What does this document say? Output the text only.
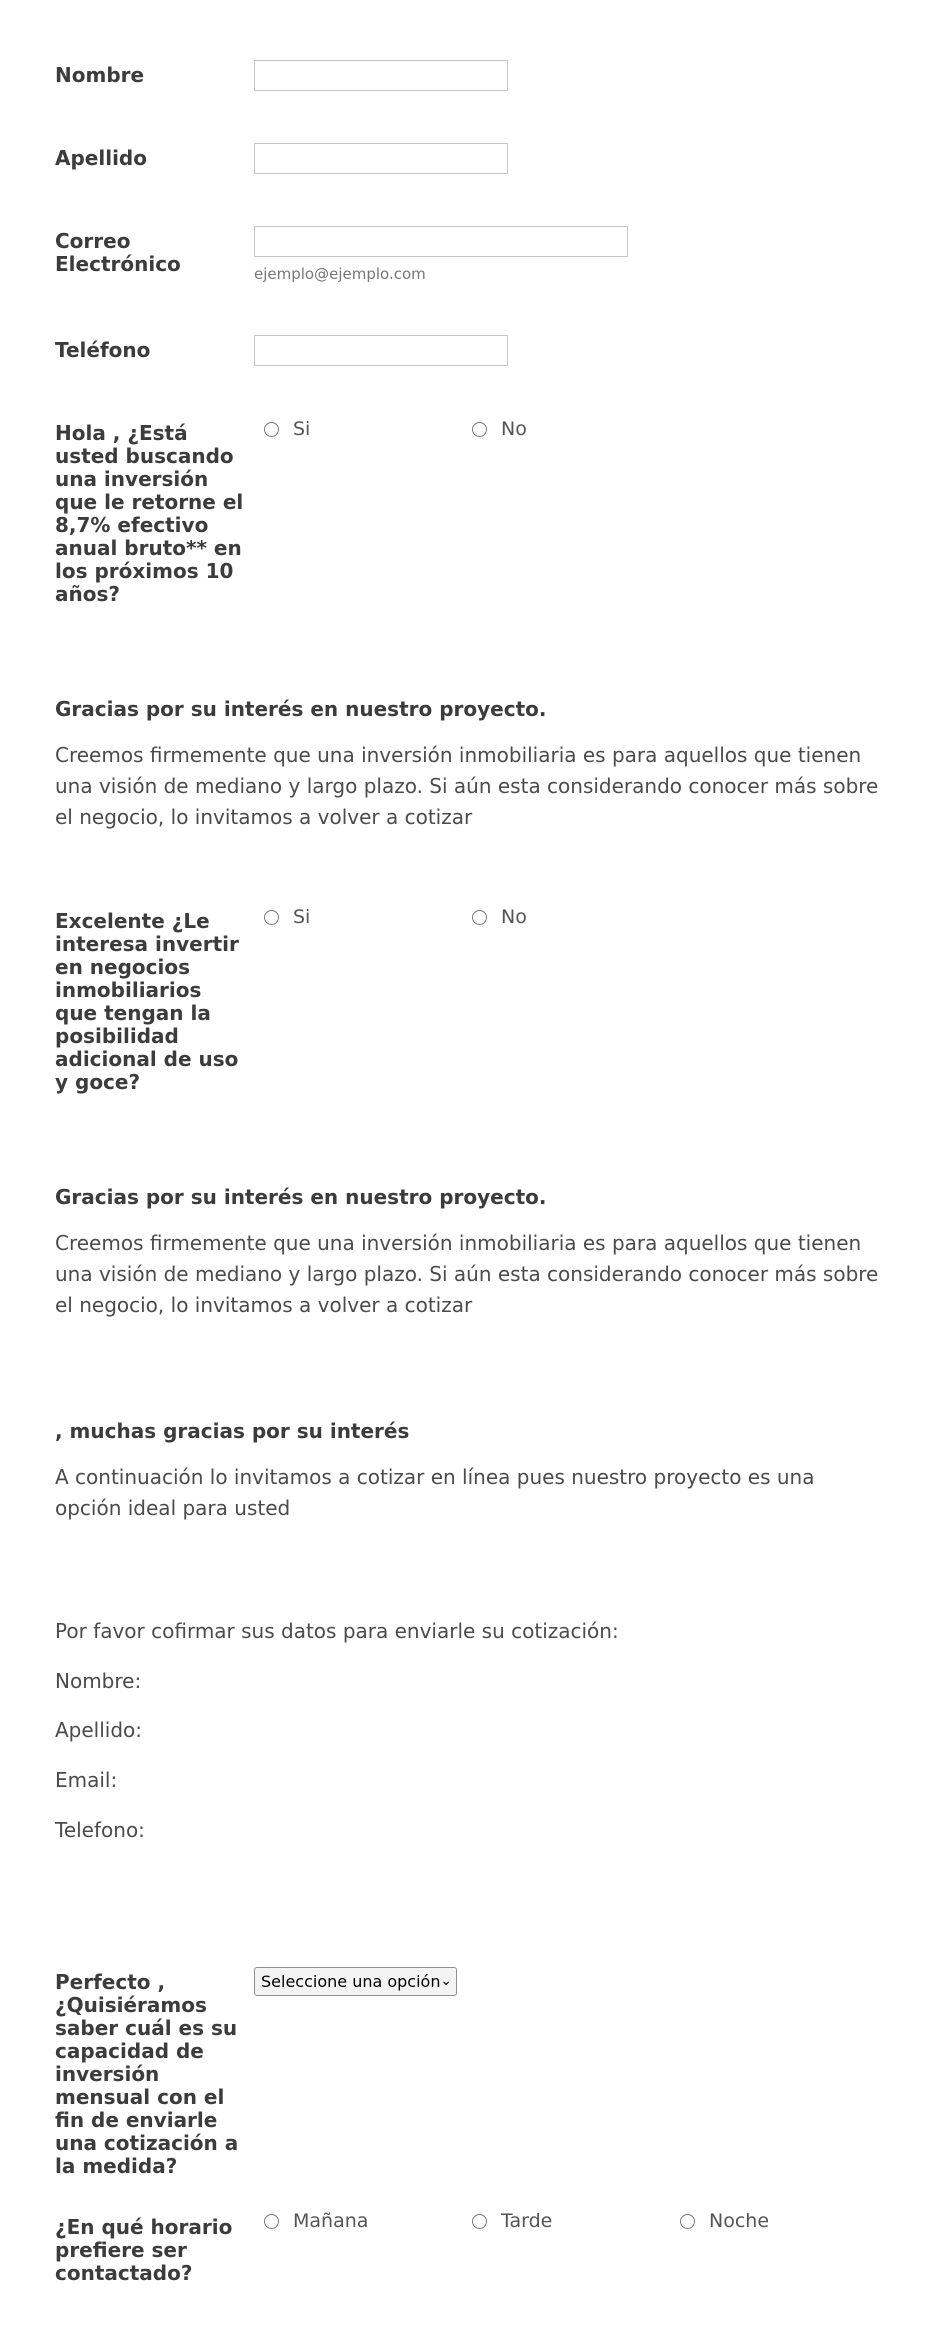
Nombre
Apellido
Correo Electrónico	ejemplo@ejemplo.com
Teléfono
Hola , ¿Está usted buscando una inversión que le retorne el 8,7% efectivo anual bruto** en los próximos 10 años?
Si	No
Gracias por su interés en nuestro proyecto.
Creemos firmemente que una inversión inmobiliaria es para aquellos que tienen una visión de mediano y largo plazo. Si aún esta considerando conocer más sobre el negocio, lo invitamos a volver a cotizar
Excelente ¿Le interesa invertir en negocios inmobiliarios que tengan la posibilidad adicional de uso y goce?
Si	No
Gracias por su interés en nuestro proyecto.
Creemos firmemente que una inversión inmobiliaria es para aquellos que tienen una visión de mediano y largo plazo. Si aún esta considerando conocer más sobre el negocio, lo invitamos a volver a cotizar
, muchas gracias por su interés
A continuación lo invitamos a cotizar en línea pues nuestro proyecto es una opción ideal para usted
Por favor cofirmar sus datos para enviarle su cotización:
Nombre:
Apellido:
Email:
Telefono:
Perfecto , ¿Quisiéramos saber cuál es su capacidad de inversión mensual con el fin de enviarle una cotización a la medida?
Seleccione una opción ⌄
¿En qué horario prefiere ser contactado?
Mañana	Tarde	Noche
